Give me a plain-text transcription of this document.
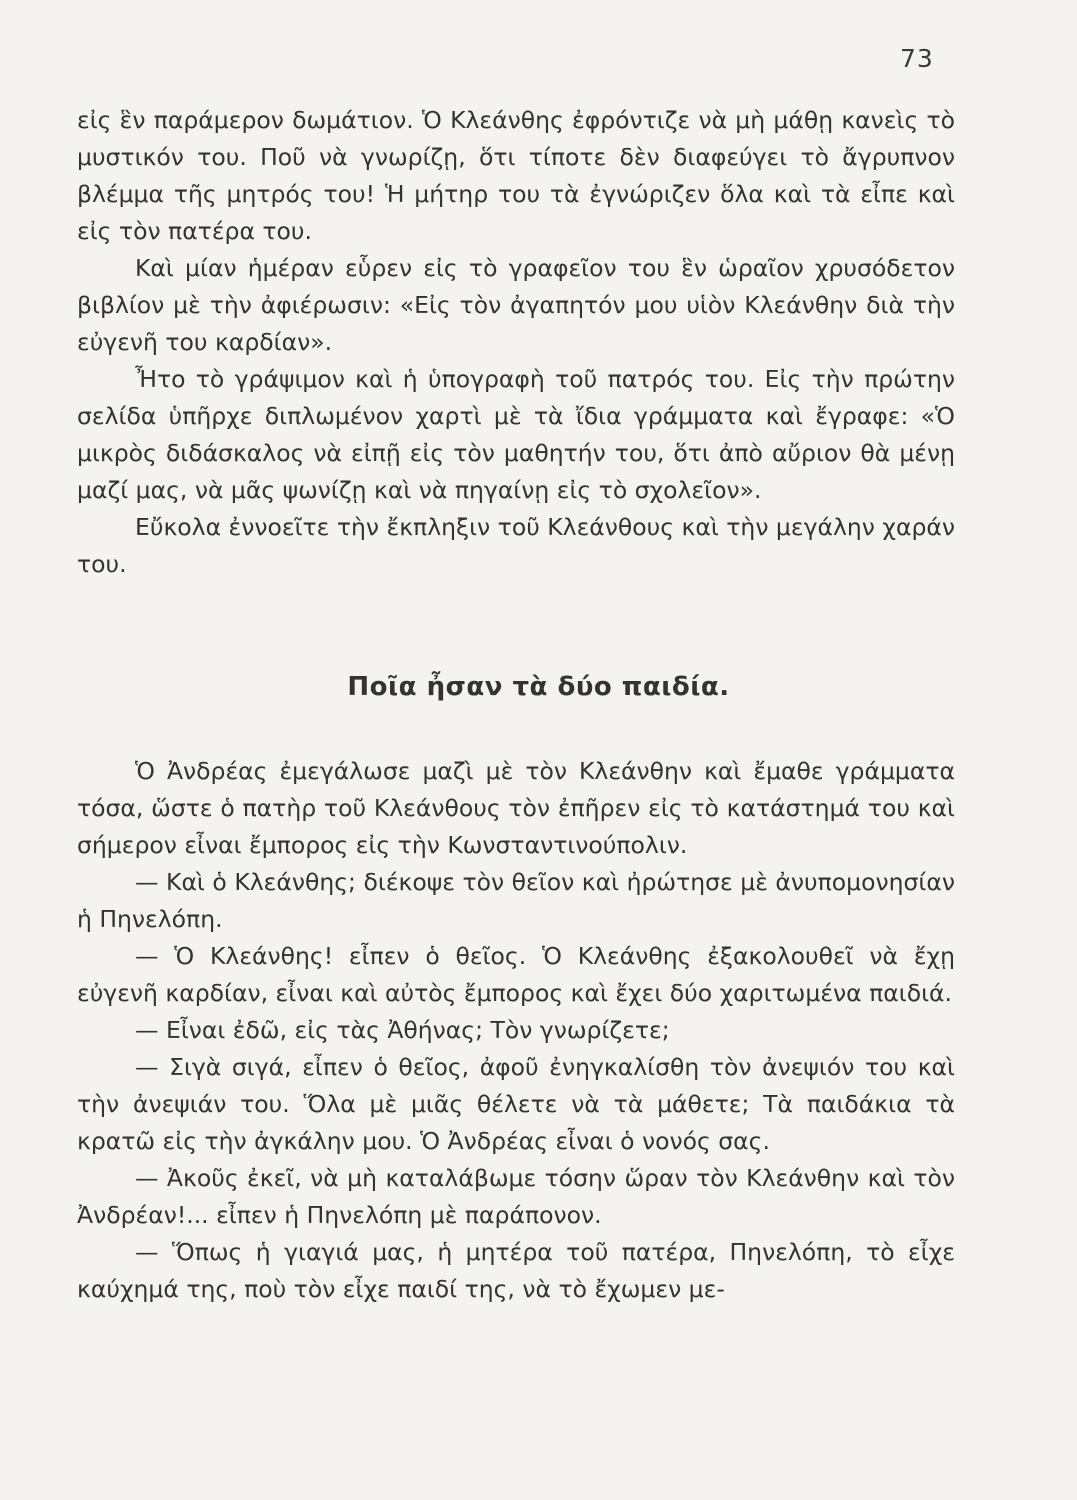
73

εἰς ἓν παράμερον δωμάτιον. Ὁ Κλεάνθης ἐφρόντιζε νὰ μὴ μάθῃ κανεὶς τὸ μυστικόν του. Ποῦ νὰ γνωρίζῃ, ὅτι τίποτε δὲν διαφεύγει τὸ ἄγρυπνον βλέμμα τῆς μητρός του! Ἡ μήτηρ του τὰ ἐγνώριζεν ὅλα καὶ τὰ εἶπε καὶ εἰς τὸν πατέρα του.

Καὶ μίαν ἡμέραν εὗρεν εἰς τὸ γραφεῖον του ἓν ὡραῖον χρυσόδετον βιβλίον μὲ τὴν ἀφιέρωσιν: «Εἰς τὸν ἀγαπητόν μου υἱὸν Κλεάνθην διὰ τὴν εὐγενῆ του καρδίαν».

Ἦτο τὸ γράψιμον καὶ ἡ ὑπογραφὴ τοῦ πατρός του. Εἰς τὴν πρώτην σελίδα ὑπῆρχε διπλωμένον χαρτὶ μὲ τὰ ἴδια γράμματα καὶ ἔγραφε: «Ὁ μικρὸς διδάσκαλος νὰ εἰπῇ εἰς τὸν μαθητήν του, ὅτι ἀπὸ αὔριον θὰ μένῃ μαζί μας, νὰ μᾶς ψωνίζῃ καὶ νὰ πηγαίνῃ εἰς τὸ σχολεῖον».

Εὔκολα ἐννοεῖτε τὴν ἔκπληξιν τοῦ Κλεάνθους καὶ τὴν μεγάλην χαράν του.

Ποῖα ἦσαν τὰ δύο παιδία.

Ὁ Ἀνδρέας ἐμεγάλωσε μαζὶ μὲ τὸν Κλεάνθην καὶ ἔμαθε γράμματα τόσα, ὥστε ὁ πατὴρ τοῦ Κλεάνθους τὸν ἐπῆρεν εἰς τὸ κατάστημά του καὶ σήμερον εἶναι ἔμπορος εἰς τὴν Κωνσταντινούπολιν.

— Καὶ ὁ Κλεάνθης; διέκοψε τὸν θεῖον καὶ ἠρώτησε μὲ ἀνυπομονησίαν ἡ Πηνελόπη.

— Ὁ Κλεάνθης! εἶπεν ὁ θεῖος. Ὁ Κλεάνθης ἐξακολουθεῖ νὰ ἔχῃ εὐγενῆ καρδίαν, εἶναι καὶ αὐτὸς ἔμπορος καὶ ἔχει δύο χαριτωμένα παιδιά.

— Εἶναι ἐδῶ, εἰς τὰς Ἀθήνας; Τὸν γνωρίζετε;

— Σιγὰ σιγά, εἶπεν ὁ θεῖος, ἀφοῦ ἐνηγκαλίσθη τὸν ἀνεψιόν του καὶ τὴν ἀνεψιάν του. Ὅλα μὲ μιᾶς θέλετε νὰ τὰ μάθετε; Τὰ παιδάκια τὰ κρατῶ εἰς τὴν ἀγκάλην μου. Ὁ Ἀνδρέας εἶναι ὁ νονός σας.

— Ἀκοῦς ἐκεῖ, νὰ μὴ καταλάβωμε τόσην ὥραν τὸν Κλεάνθην καὶ τὸν Ἀνδρέαν!... εἶπεν ἡ Πηνελόπη μὲ παράπονον.

— Ὅπως ἡ γιαγιά μας, ἡ μητέρα τοῦ πατέρα, Πηνελόπη, τὸ εἶχε καύχημά της, ποὺ τὸν εἶχε παιδί της, νὰ τὸ ἔχωμεν με-
